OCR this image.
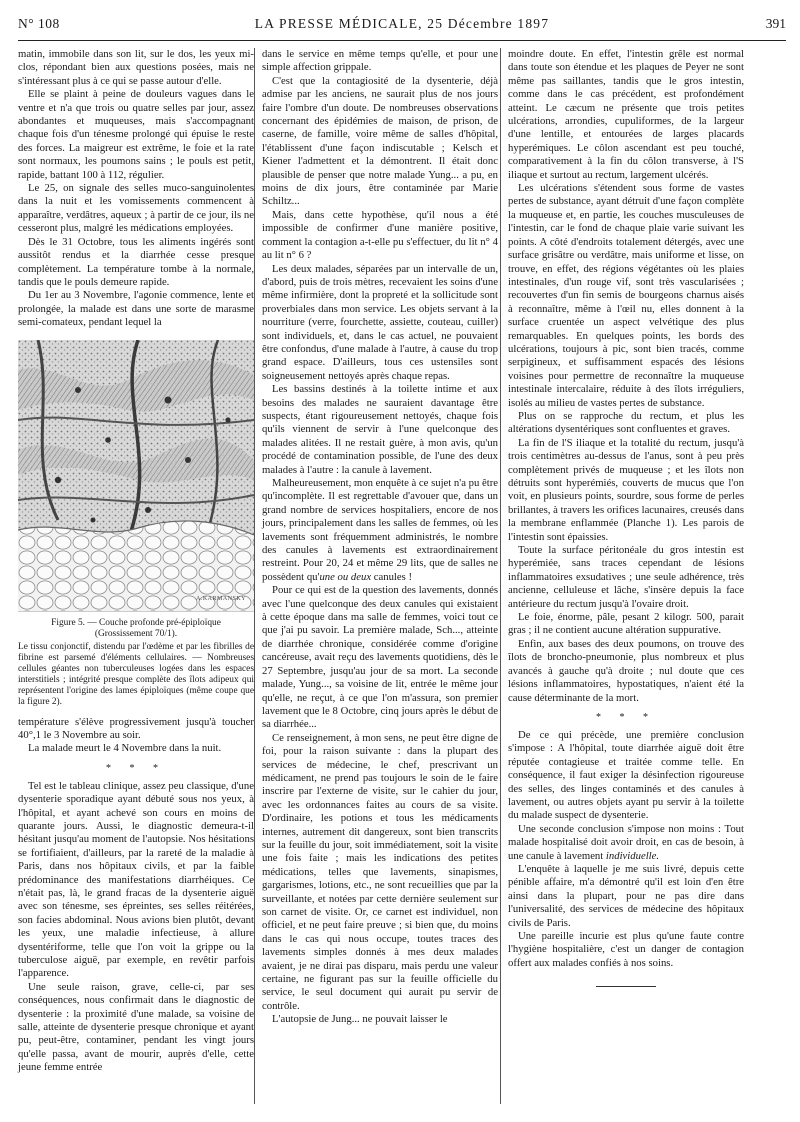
N° 108	LA PRESSE MÉDICALE, 25 Décembre 1897	391

matin, immobile dans son lit, sur le dos, les yeux mi-clos, répondant bien aux questions posées, mais ne s'intéressant plus à ce qui se passe autour d'elle.

Elle se plaint à peine de douleurs vagues dans le ventre et n'a que trois ou quatre selles par jour, assez abondantes et muqueuses, mais s'accompagnant chaque fois d'un ténesme prolongé qui épuise le reste des forces. La maigreur est extrême, le foie et la rate sont normaux, les poumons sains ; le pouls est petit, rapide, battant 100 à 112, régulier.

Le 25, on signale des selles muco-sanguinolentes dans la nuit et les vomissements commencent à apparaître, verdâtres, aqueux ; à partir de ce jour, ils ne cesseront plus, malgré les médications employées.

Dès le 31 Octobre, tous les aliments ingérés sont aussitôt rendus et la diarrhée cesse presque complètement. La température tombe à la normale, tandis que le pouls demeure rapide.

Du 1er au 3 Novembre, l'agonie commence, lente et prolongée, la malade est dans une sorte de marasme semi-comateux, pendant lequel la

A.KARMANSKY
Figure 5. — Couche profonde pré-épiploïque
(Grossissement 70/1).
Le tissu conjonctif, distendu par l'œdème et par les fibrilles de fibrine est parsemé d'éléments cellulaires. — Nombreuses cellules géantes non tuberculeuses logées dans les espaces interstitiels ; intégrité presque complète des îlots adipeux qui représentent l'origine des lames épiploïques (même coupe que la figure 2).

température s'élève progressivement jusqu'à toucher 40°,1 le 3 Novembre au soir.

La malade meurt le 4 Novembre dans la nuit.

* * *

Tel est le tableau clinique, assez peu classique, d'une dysenterie sporadique ayant débuté sous nos yeux, à l'hôpital, et ayant achevé son cours en moins de quarante jours. Aussi, le diagnostic demeura-t-il hésitant jusqu'au moment de l'autopsie. Nos hésitations se fortifiaient, d'ailleurs, par la rareté de la maladie à Paris, dans nos hôpitaux civils, et par la faible prédominance des manifestations diarrhéiques. Ce n'était pas, là, le grand fracas de la dysenterie aiguë avec son ténesme, ses épreintes, ses selles réitérées, son facies abdominal. Nous avions bien plutôt, devant les yeux, une maladie infectieuse, à allure dysentériforme, telle que l'on voit la grippe ou la tuberculose aiguë, par exemple, en revêtir parfois l'apparence.

Une seule raison, grave, celle-ci, par ses conséquences, nous confirmait dans le diagnostic de dysenterie : la proximité d'une malade, sa voisine de salle, atteinte de dysenterie presque chronique et ayant pu, peut-être, contaminer, pendant les vingt jours qu'elle passa, avant de mourir, auprès d'elle, cette jeune femme entrée

dans le service en même temps qu'elle, et pour une simple affection grippale.

C'est que la contagiosité de la dysenterie, déjà admise par les anciens, ne saurait plus de nos jours faire l'ombre d'un doute. De nombreuses observations concernant des épidémies de maison, de prison, de caserne, de famille, voire même de salles d'hôpital, l'établissent d'une façon indiscutable ; Kelsch et Kiener l'admettent et la démontrent. Il était donc plausible de penser que notre malade Yung... a pu, en moins de dix jours, être contaminée par Marie Schiltz...

Mais, dans cette hypothèse, qu'il nous a été impossible de confirmer d'une manière positive, comment la contagion a-t-elle pu s'effectuer, du lit n° 4 au lit n° 6 ?

Les deux malades, séparées par un intervalle de un, d'abord, puis de trois mètres, recevaient les soins d'une même infirmière, dont la propreté et la sollicitude sont proverbiales dans mon service. Les objets servant à la nourriture (verre, fourchette, assiette, couteau, cuiller) sont individuels, et, dans le cas actuel, ne pouvaient être confondus, d'une malade à l'autre, à cause du trop grand espace. D'ailleurs, tous ces ustensiles sont soigneusement nettoyés après chaque repas.

Les bassins destinés à la toilette intime et aux besoins des malades ne sauraient davantage être suspects, étant rigoureusement nettoyés, chaque fois qu'ils viennent de servir à l'une quelconque des malades alitées. Il ne restait guère, à mon avis, qu'un procédé de contamination possible, de l'une des deux malades à l'autre : la canule à lavement.

Malheureusement, mon enquête à ce sujet n'a pu être qu'incomplète. Il est regrettable d'avouer que, dans un grand nombre de services hospitaliers, encore de nos jours, principalement dans les salles de femmes, où les lavements sont fréquemment administrés, le nombre des canules à lavements est extraordinairement restreint. Pour 20, 24 et même 29 lits, que de salles ne possèdent qu'une ou deux canules !

Pour ce qui est de la question des lavements, donnés avec l'une quelconque des deux canules qui existaient à cette époque dans ma salle de femmes, voici tout ce que j'ai pu savoir. La première malade, Sch..., atteinte de diarrhée chronique, considérée comme d'origine cancéreuse, avait reçu des lavements quotidiens, dès le 27 Septembre, jusqu'au jour de sa mort. La seconde malade, Yung..., sa voisine de lit, entrée le même jour qu'elle, ne reçut, à ce que l'on m'assura, son premier lavement que le 8 Octobre, cinq jours après le début de sa diarrhée...

Ce renseignement, à mon sens, ne peut être digne de foi, pour la raison suivante : dans la plupart des services de médecine, le chef, prescrivant un médicament, ne prend pas toujours le soin de le faire inscrire par l'externe de visite, sur le cahier du jour, avec les ordonnances faites au cours de sa visite. D'ordinaire, les potions et tous les médicaments internes, autrement dit dangereux, sont bien transcrits sur la feuille du jour, soit immédiatement, soit la visite une fois faite ; mais les indications des petites médications, telles que lavements, sinapismes, gargarismes, lotions, etc., ne sont recueillies que par la surveillante, et notées par cette dernière seulement sur son carnet de visite. Or, ce carnet est individuel, non officiel, et ne peut faire preuve ; si bien que, du moins dans le cas qui nous occupe, toutes traces des lavements simples donnés à mes deux malades avaient, je ne dirai pas disparu, mais perdu une valeur certaine, ne figurant pas sur la feuille officielle du service, le seul document qui aurait pu servir de contrôle.

L'autopsie de Jung... ne pouvait laisser le

moindre doute. En effet, l'intestin grêle est normal dans toute son étendue et les plaques de Peyer ne sont même pas saillantes, tandis que le gros intestin, comme dans le cas précédent, est profondément atteint. Le cæcum ne présente que trois petites ulcérations, arrondies, cupuliformes, de la largeur d'une lentille, et entourées de larges placards hyperémiques. Le côlon ascendant est peu touché, comparativement à la fin du côlon transverse, à l'S iliaque et surtout au rectum, largement ulcérés.

Les ulcérations s'étendent sous forme de vastes pertes de substance, ayant détruit d'une façon complète la muqueuse et, en partie, les couches musculeuses de l'intestin, car le fond de chaque plaie varie suivant les points. A côté d'endroits totalement détergés, avec une surface grisâtre ou verdâtre, mais uniforme et lisse, on trouve, en effet, des régions végétantes où les plaies intestinales, d'un rouge vif, sont très vascularisées ; recouvertes d'un fin semis de bourgeons charnus aisés à reconnaître, même à l'œil nu, elles donnent à la surface cruentée un aspect velvétique des plus remarquables. En quelques points, les bords des ulcérations, toujours à pic, sont bien tracés, comme serpigineux, et suffisamment espacés des lésions voisines pour permettre de reconnaître la muqueuse intestinale intercalaire, réduite à des îlots irréguliers, isolés au milieu de vastes pertes de substance.

Plus on se rapproche du rectum, et plus les altérations dysentériques sont confluentes et graves.

La fin de l'S iliaque et la totalité du rectum, jusqu'à trois centimètres au-dessus de l'anus, sont à peu près complètement privés de muqueuse ; et les îlots non détruits sont hyperémiés, couverts de mucus que l'on voit, en plusieurs points, sourdre, sous forme de perles brillantes, à travers les orifices lacunaires, creusés dans la membrane enflammée (Planche 1). Les parois de l'intestin sont épaissies.

Toute la surface péritonéale du gros intestin est hyperémiée, sans traces cependant de lésions inflammatoires exsudatives ; une seule adhérence, très ancienne, celluleuse et lâche, s'insère depuis la face antérieure du rectum jusqu'à l'ovaire droit.

Le foie, énorme, pâle, pesant 2 kilogr. 500, parait gras ; il ne contient aucune altération suppurative.

Enfin, aux bases des deux poumons, on trouve des îlots de broncho-pneumonie, plus nombreux et plus avancés à gauche qu'à droite ; nul doute que ces lésions inflammatoires, hypostatiques, n'aient été la cause déterminante de la mort.

* * *

De ce qui précède, une première conclusion s'impose : A l'hôpital, toute diarrhée aiguë doit être réputée contagieuse et traitée comme telle. En conséquence, il faut exiger la désinfection rigoureuse des selles, des linges contaminés et des canules à lavement, ou autres objets ayant pu servir à la toilette du malade suspect de dysenterie.

Une seconde conclusion s'impose non moins : Tout malade hospitalisé doit avoir droit, en cas de besoin, à une canule à lavement individuelle.

L'enquête à laquelle je me suis livré, depuis cette pénible affaire, m'a démontré qu'il est loin d'en être ainsi dans la plupart, pour ne pas dire dans l'universalité, des services de médecine des hôpitaux civils de Paris.

Une pareille incurie est plus qu'une faute contre l'hygiène hospitalière, c'est un danger de contagion offert aux malades confiés à nos soins.
